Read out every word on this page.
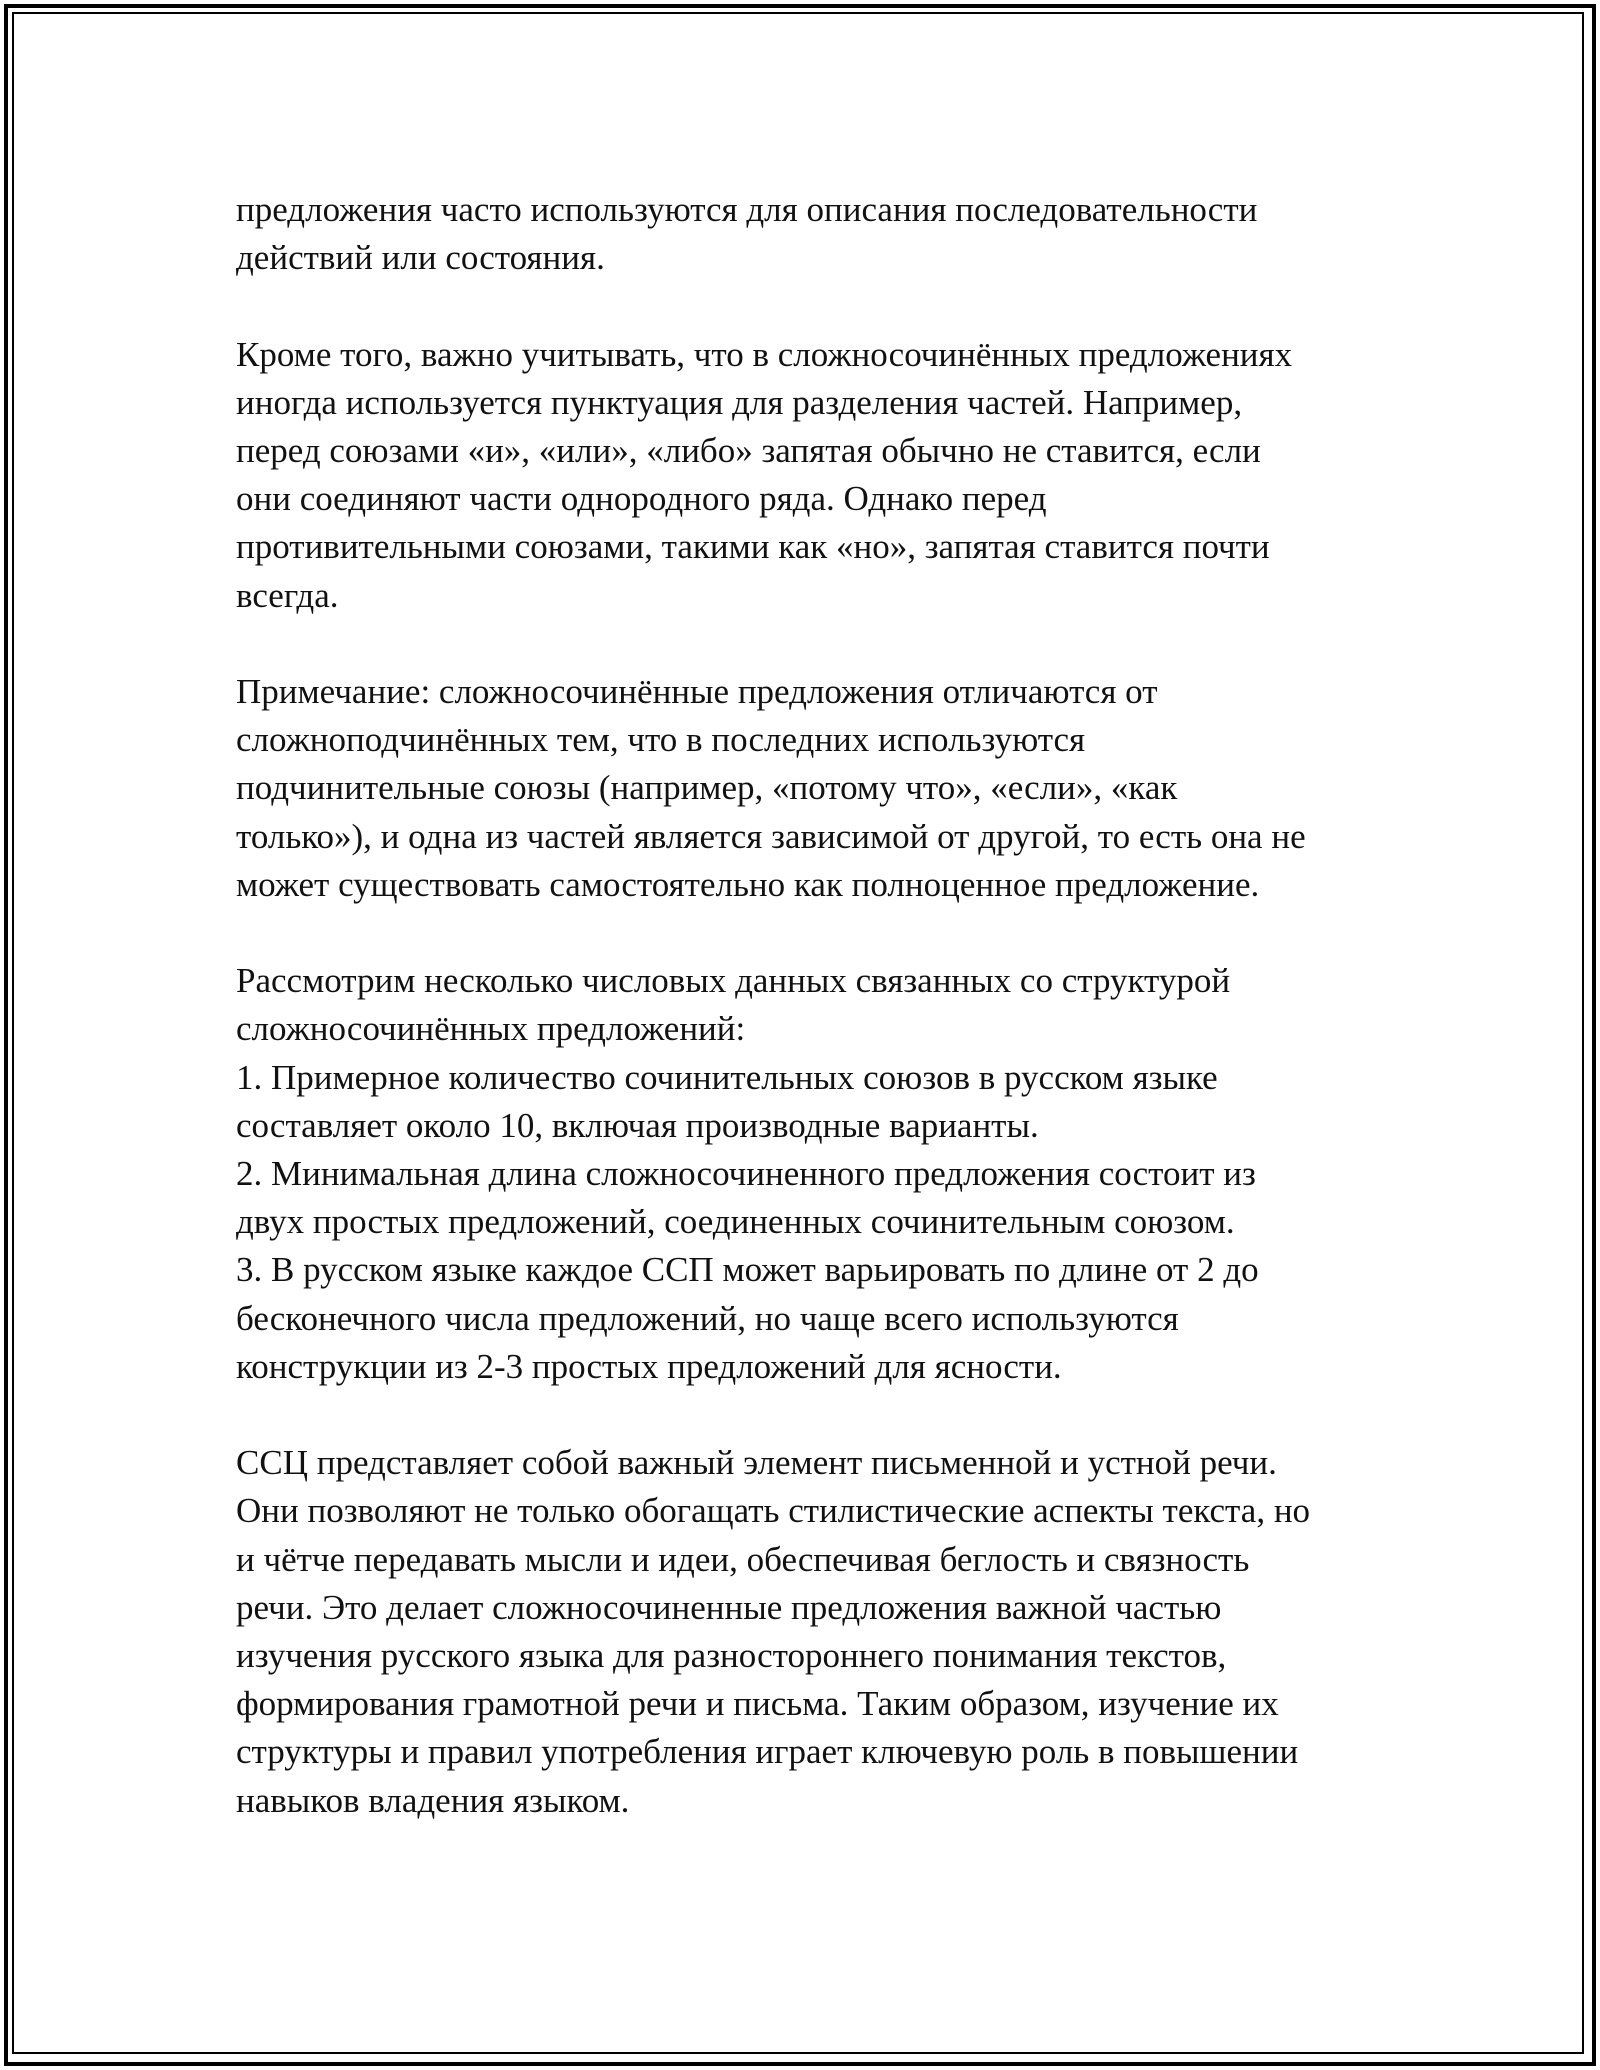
предложения часто используются для описания последовательности
действий или состояния.

Кроме того, важно учитывать, что в сложносочинённых предложениях
иногда используется пунктуация для разделения частей. Например,
перед союзами «и», «или», «либо» запятая обычно не ставится, если
они соединяют части однородного ряда. Однако перед
противительными союзами, такими как «но», запятая ставится почти
всегда.

Примечание: сложносочинённые предложения отличаются от
сложноподчинённых тем, что в последних используются
подчинительные союзы (например, «потому что», «если», «как
только»), и одна из частей является зависимой от другой, то есть она не
может существовать самостоятельно как полноценное предложение.

Рассмотрим несколько числовых данных связанных со структурой
сложносочинённых предложений:
1. Примерное количество сочинительных союзов в русском языке
составляет около 10, включая производные варианты.
2. Минимальная длина сложносочиненного предложения состоит из
двух простых предложений, соединенных сочинительным союзом.
3. В русском языке каждое ССП может варьировать по длине от 2 до
бесконечного числа предложений, но чаще всего используются
конструкции из 2-3 простых предложений для ясности.

ССЦ представляет собой важный элемент письменной и устной речи.
Они позволяют не только обогащать стилистические аспекты текста, но
и чётче передавать мысли и идеи, обеспечивая беглость и связность
речи. Это делает сложносочиненные предложения важной частью
изучения русского языка для разностороннего понимания текстов,
формирования грамотной речи и письма. Таким образом, изучение их
структуры и правил употребления играет ключевую роль в повышении
навыков владения языком.
